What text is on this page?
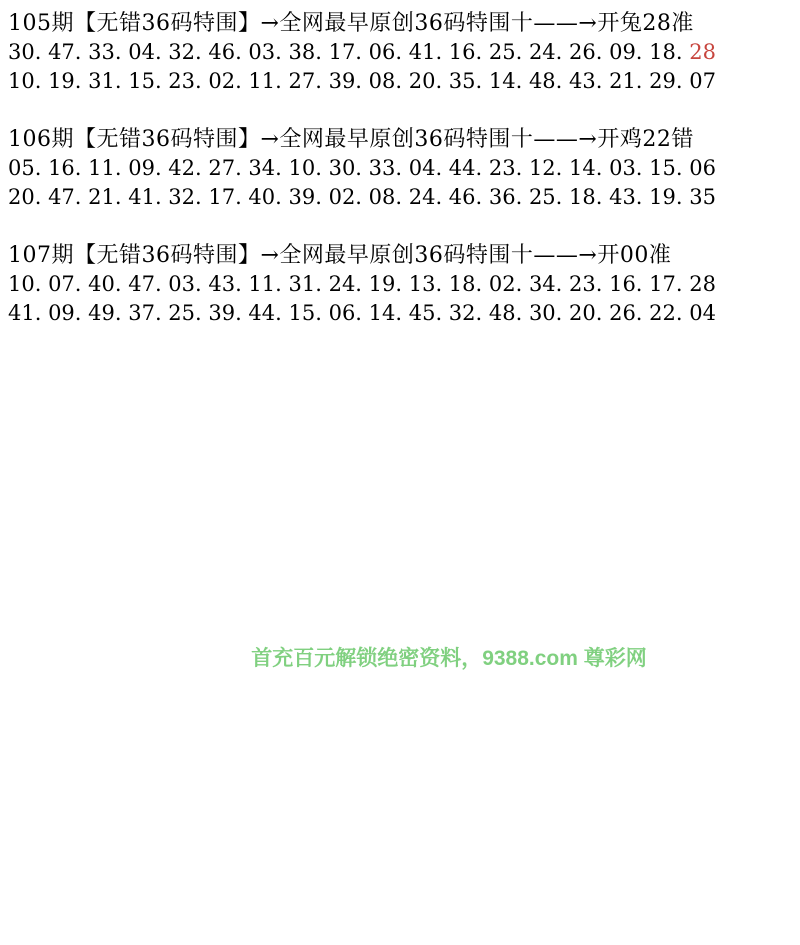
105期【无错36码特围】→全网最早原创36码特围十——→开兔28准
30. 47. 33. 04. 32. 46. 03. 38. 17. 06. 41. 16. 25. 24. 26. 09. 18. 28
10. 19. 31. 15. 23. 02. 11. 27. 39. 08. 20. 35. 14. 48. 43. 21. 29. 07
106期【无错36码特围】→全网最早原创36码特围十——→开鸡22错
05. 16. 11. 09. 42. 27. 34. 10. 30. 33. 04. 44. 23. 12. 14. 03. 15. 06
20. 47. 21. 41. 32. 17. 40. 39. 02. 08. 24. 46. 36. 25. 18. 43. 19. 35
107期【无错36码特围】→全网最早原创36码特围十——→开00准
10. 07. 40. 47. 03. 43. 11. 31. 24. 19. 13. 18. 02. 34. 23. 16. 17. 28
41. 09. 49. 37. 25. 39. 44. 15. 06. 14. 45. 32. 48. 30. 20. 26. 22. 04
首充百元解锁绝密资料，9388.com 尊彩网
